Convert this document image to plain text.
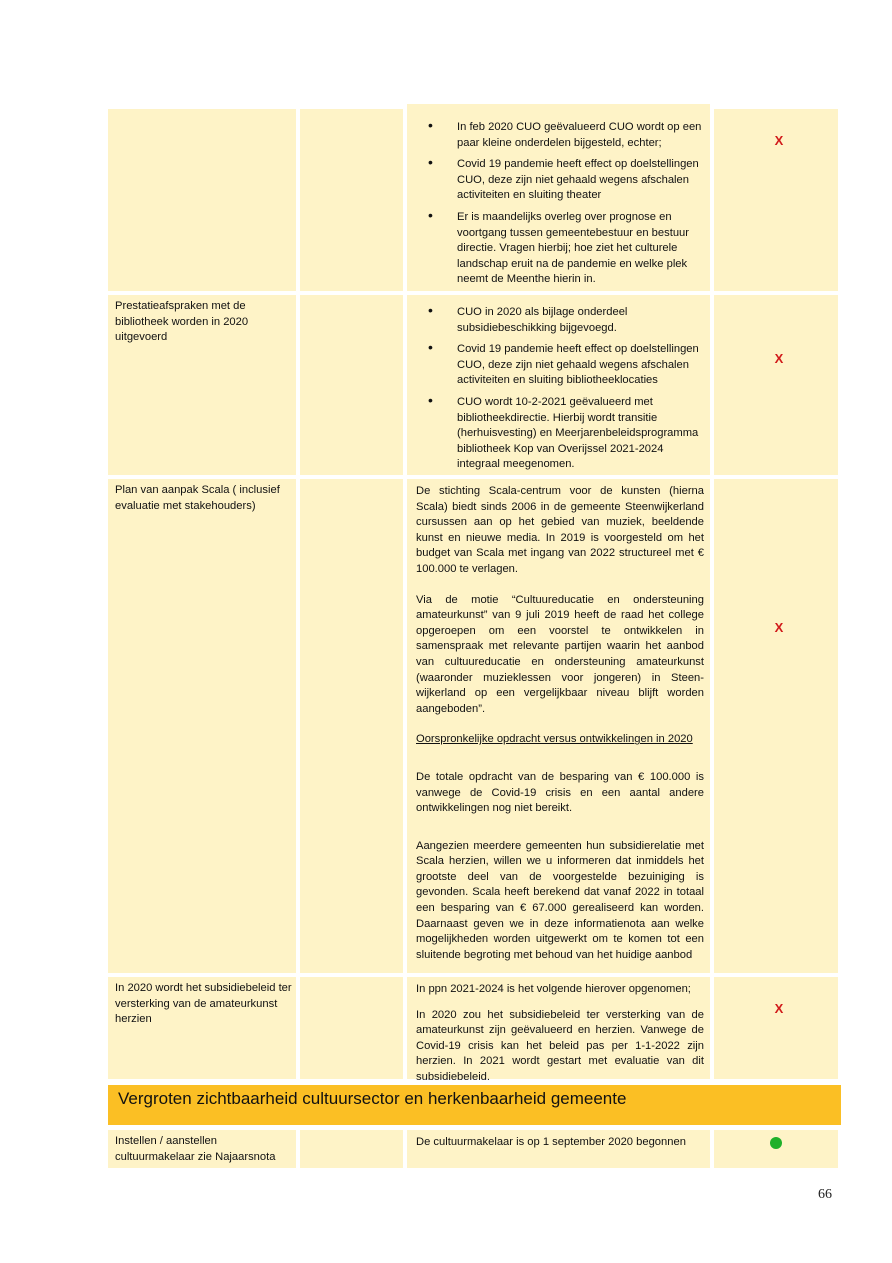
• In feb 2020 CUO geëvalueerd CUO wordt op een paar kleine onderdelen bijgesteld, echter;
• Covid 19 pandemie heeft effect op doelstellingen CUO, deze zijn niet gehaald wegens afschalen activiteiten en sluiting theater
• Er is maandelijks overleg over prognose en voortgang tussen gemeentebestuur en bestuur directie. Vragen hierbij; hoe ziet het culturele landschap eruit na de pandemie en welke plek neemt de Meenthe hierin in.
X
Prestatieafspraken met de bibliotheek worden in 2020 uitgevoerd
• CUO in 2020 als bijlage onderdeel subsidiebeschikking bijgevoegd.
• Covid 19 pandemie heeft effect op doelstellingen CUO, deze zijn niet gehaald wegens afschalen activiteiten en sluiting bibliotheeklocaties
• CUO wordt 10-2-2021 geëvalueerd met bibliotheekdirectie. Hierbij wordt transitie (herhuisvesting) en Meerjarenbeleidsprogramma bibliotheek Kop van Overijssel 2021-2024 integraal meegenomen.
X
Plan van aanpak Scala ( inclusief evaluatie met stakehouders)

De stichting Scala-centrum voor de kunsten (hierna Scala) biedt sinds 2006 in de gemeente Steenwijkerland cursussen aan op het gebied van muziek, beeldende kunst en nieuwe media. In 2019 is voorgesteld om het budget van Scala met ingang van 2022 structureel met € 100.000 te verlagen.

Via de motie “Cultuureducatie en ondersteuning amateurkunst” van 9 juli 2019 heeft de raad het college opgeroepen om een voorstel te ontwikkelen in samenspraak met relevante partijen waarin het aanbod van cultuureducatie en ondersteuning amateurkunst (waaronder muzieklessen voor jongeren) in Steen-wijkerland op een vergelijkbaar niveau blijft worden aangeboden”.

Oorspronkelijke opdracht versus ontwikkelingen in 2020

De totale opdracht van de besparing van € 100.000 is vanwege de Covid-19 crisis en een aantal andere ontwikkelingen nog niet bereikt.

Aangezien meerdere gemeenten hun subsidierelatie met Scala herzien, willen we u informeren dat inmiddels het grootste deel van de voorgestelde bezuiniging is gevonden. Scala heeft berekend dat vanaf 2022 in totaal een besparing van € 67.000 gerealiseerd kan worden. Daarnaast geven we in deze informatienota aan welke mogelijkheden worden uitgewerkt om te komen tot een sluitende begroting met behoud van het huidige aanbod

X
In 2020 wordt het subsidiebeleid ter versterking van de amateurkunst herzien

In ppn 2021-2024 is het volgende hierover opgenomen;

In 2020 zou het subsidiebeleid ter versterking van de amateurkunst zijn geëvalueerd en herzien. Vanwege de Covid-19 crisis kan het beleid pas per 1-1-2022 zijn herzien. In 2021 wordt gestart met evaluatie van dit subsidiebeleid.

X
Vergroten zichtbaarheid cultuursector en herkenbaarheid gemeente
Instellen / aanstellen cultuurmakelaar zie Najaarsnota
De cultuurmakelaar is op 1 september 2020 begonnen
66
